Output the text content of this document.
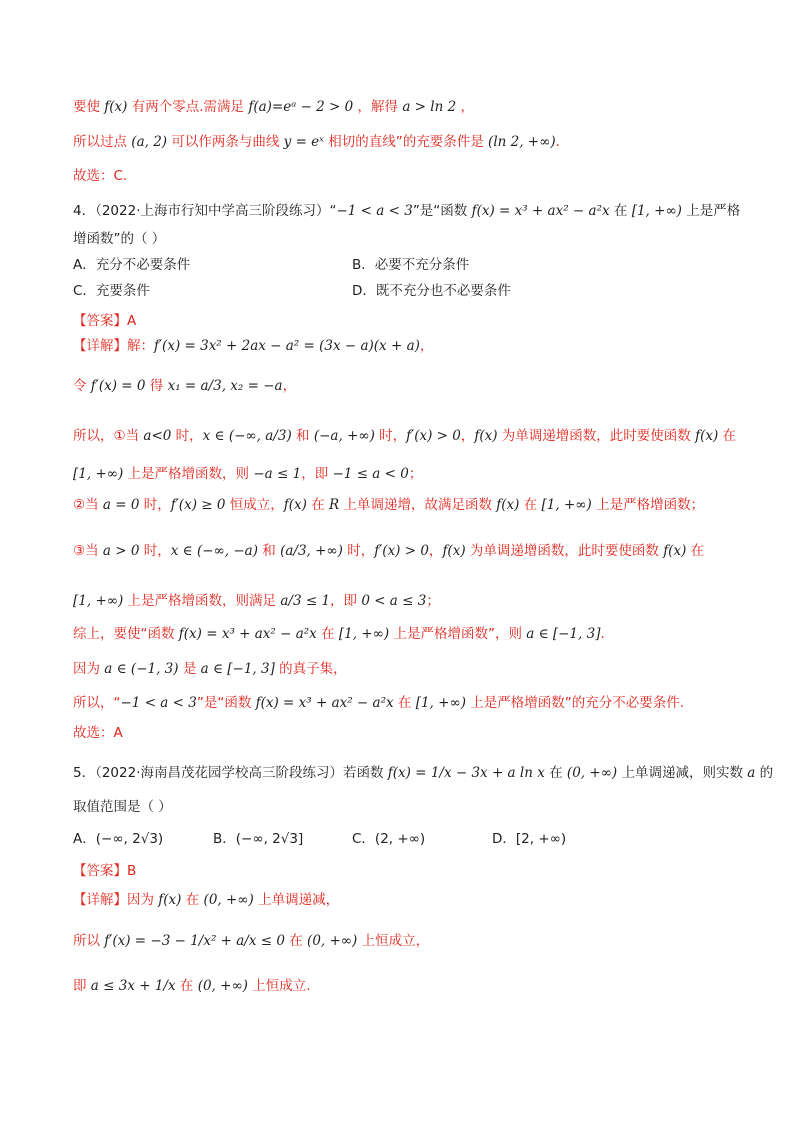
要使 f(x) 有两个零点.需满足 f(a)=eᵃ − 2 > 0 ，解得 a > ln 2 ，
所以过点 (a, 2) 可以作两条与曲线 y = eˣ 相切的直线”的充要条件是 (ln 2, +∞).
故选：C.
4．（2022·上海市行知中学高三阶段练习）“−1 < a < 3”是“函数 f(x) = x³ + ax² − a²x 在 [1, +∞) 上是严格
增函数”的（ ）
【答案】A
【详解】解：f′(x) = 3x² + 2ax − a² = (3x − a)(x + a)，
令 f′(x) = 0 得 x₁ = a/3, x₂ = −a，
所以，①当 a<0 时，x ∈ (−∞, a/3) 和 (−a, +∞) 时，f′(x) > 0，f(x) 为单调递增函数，此时要使函数 f(x) 在
[1, +∞) 上是严格增函数，则 −a ≤ 1，即 −1 ≤ a < 0；
②当 a = 0 时，f′(x) ≥ 0 恒成立，f(x) 在 R 上单调递增，故满足函数 f(x) 在 [1, +∞) 上是严格增函数；
③当 a > 0 时，x ∈ (−∞, −a) 和 (a/3, +∞) 时，f′(x) > 0，f(x) 为单调递增函数，此时要使函数 f(x) 在
[1, +∞) 上是严格增函数，则满足 a/3 ≤ 1，即 0 < a ≤ 3；
综上，要使“函数 f(x) = x³ + ax² − a²x 在 [1, +∞) 上是严格增函数”，则 a ∈ [−1, 3].
因为 a ∈ (−1, 3) 是 a ∈ [−1, 3] 的真子集，
所以，“−1 < a < 3”是“函数 f(x) = x³ + ax² − a²x 在 [1, +∞) 上是严格增函数”的充分不必要条件.
故选：A
5．（2022·海南昌茂花园学校高三阶段练习）若函数 f(x) = 1/x − 3x + a ln x 在 (0, +∞) 上单调递减，则实数 a 的
取值范围是（ ）
【答案】B
【详解】因为 f(x) 在 (0, +∞) 上单调递减，
所以 f′(x) = −3 − 1/x² + a/x ≤ 0 在 (0, +∞) 上恒成立，
即 a ≤ 3x + 1/x 在 (0, +∞) 上恒成立.
A．充分不必要条件	B．必要不充分条件
C．充要条件	D．既不充分也不必要条件
A．(−∞, 2√3)	B．(−∞, 2√3]	C．(2, +∞)	D．[2, +∞)
